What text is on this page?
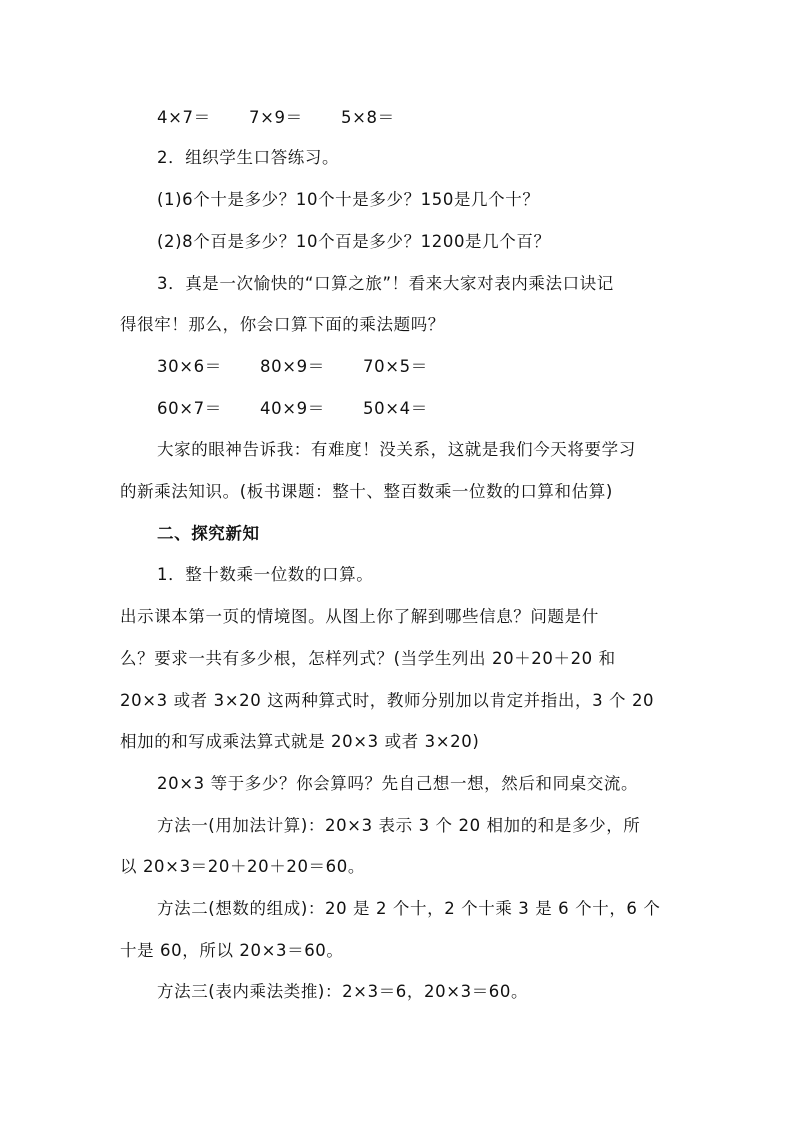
4×7＝ 7×9＝ 5×8＝
2．组织学生口答练习。
(1)6个十是多少？10个十是多少？150是几个十？
(2)8个百是多少？10个百是多少？1200是几个百？
3．真是一次愉快的“口算之旅”！看来大家对表内乘法口诀记
得很牢！那么，你会口算下面的乘法题吗？
30×6＝ 80×9＝ 70×5＝
60×7＝ 40×9＝ 50×4＝
大家的眼神告诉我：有难度！没关系，这就是我们今天将要学习
的新乘法知识。(板书课题：整十、整百数乘一位数的口算和估算)
二、探究新知
1．整十数乘一位数的口算。
出示课本第一页的情境图。从图上你了解到哪些信息？问题是什
么？要求一共有多少根，怎样列式？(当学生列出 20＋20＋20 和
20×3 或者 3×20 这两种算式时，教师分别加以肯定并指出，3 个 20
相加的和写成乘法算式就是 20×3 或者 3×20)
20×3 等于多少？你会算吗？先自己想一想，然后和同桌交流。
方法一(用加法计算)：20×3 表示 3 个 20 相加的和是多少，所
以 20×3＝20＋20＋20＝60。
方法二(想数的组成)：20 是 2 个十，2 个十乘 3 是 6 个十，6 个
十是 60，所以 20×3＝60。
方法三(表内乘法类推)：2×3＝6，20×3＝60。
